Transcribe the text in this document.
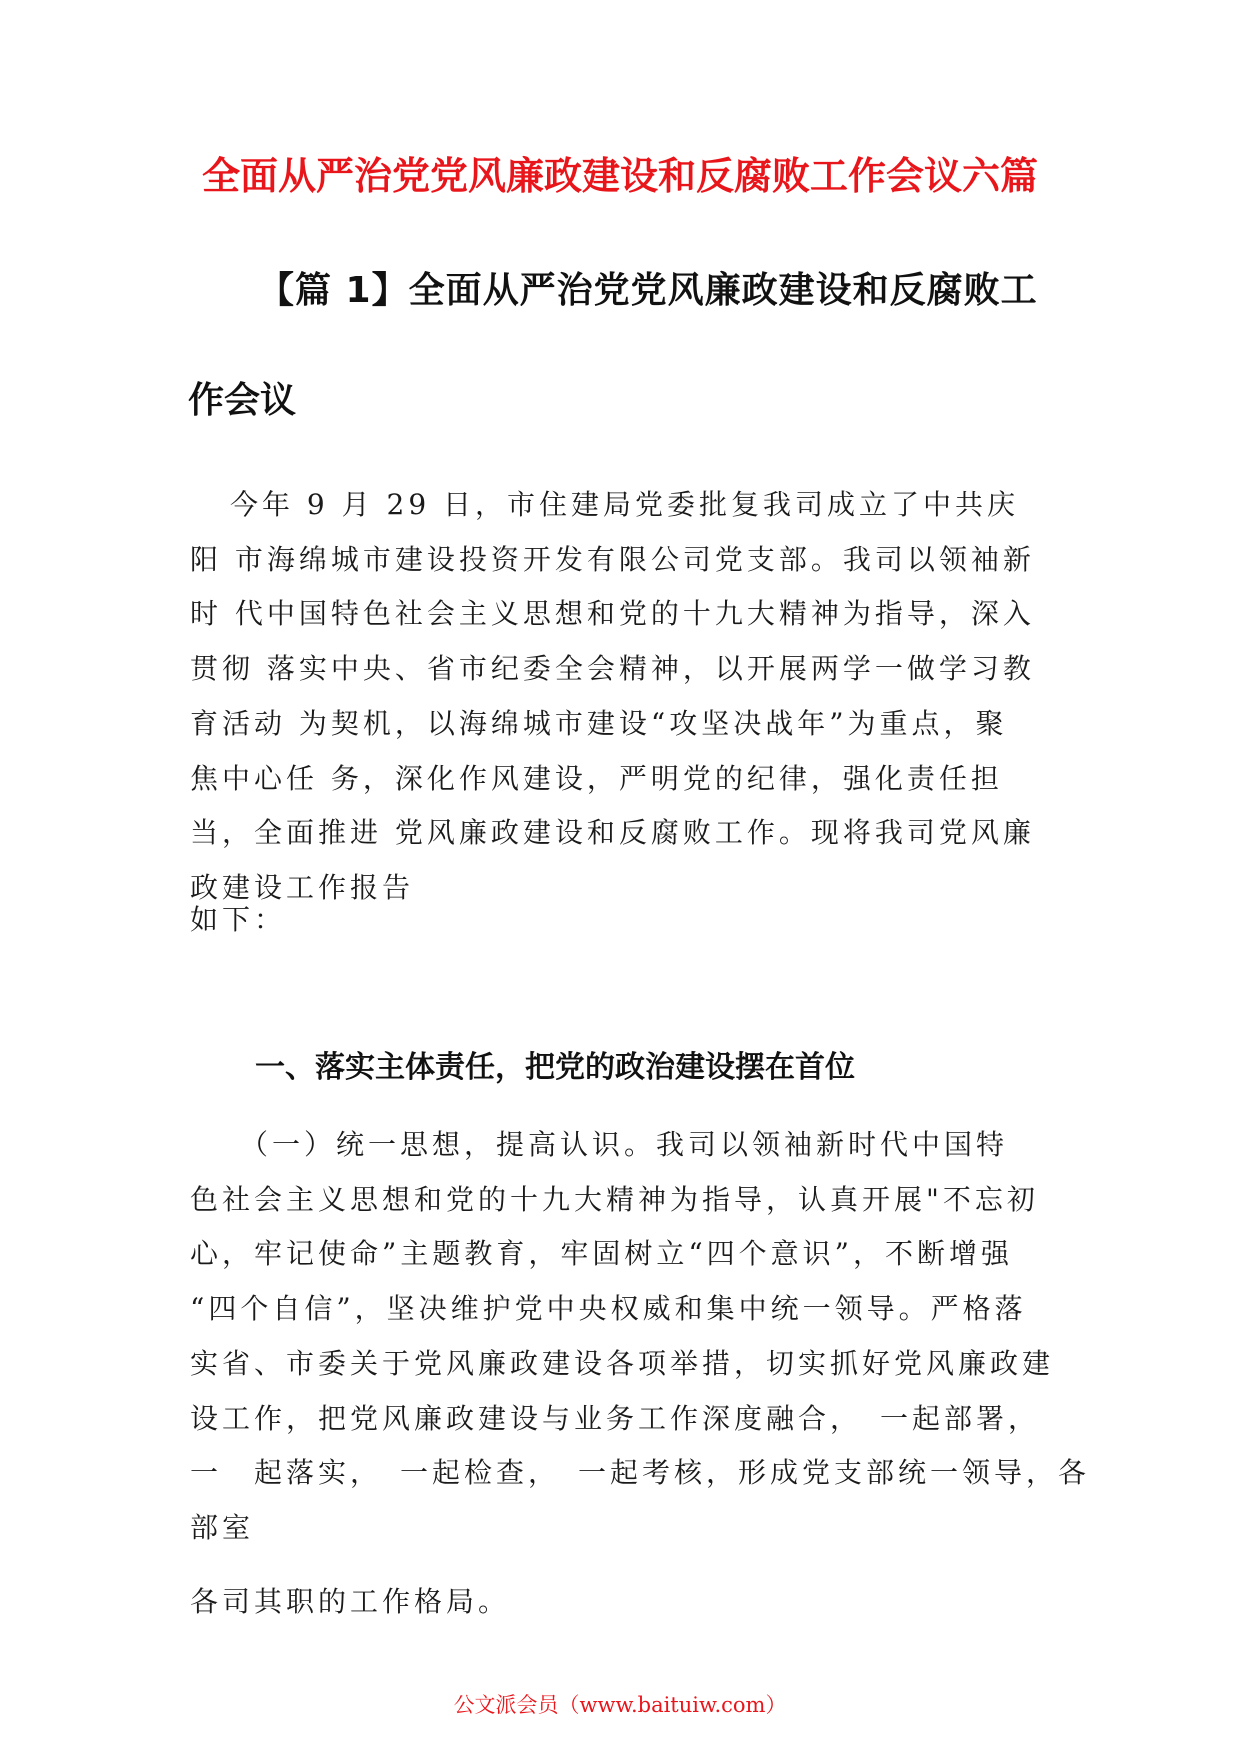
全面从严治党党风廉政建设和反腐败工作会议六篇
【篇 1】全面从严治党党风廉政建设和反腐败工
作会议
今年 9 月 29 日，市住建局党委批复我司成立了中共庆
阳 市海绵城市建设投资开发有限公司党支部。我司以领袖新
时 代中国特色社会主义思想和党的十九大精神为指导，深入
贯彻 落实中央、省市纪委全会精神，以开展两学一做学习教
育活动 为契机，以海绵城市建设“攻坚决战年”为重点，聚
焦中心任 务，深化作风建设，严明党的纪律，强化责任担
当，全面推进 党风廉政建设和反腐败工作。现将我司党风廉
政建设工作报告
如下：
一、落实主体责任，把党的政治建设摆在首位
（一）统一思想，提高认识。我司以领袖新时代中国特
色社会主义思想和党的十九大精神为指导，认真开展"不忘初
心，牢记使命”主题教育，牢固树立“四个意识”，不断增强
“四个自信”，坚决维护党中央权威和集中统一领导。严格落
实省、市委关于党风廉政建设各项举措，切实抓好党风廉政建
设工作，把党风廉政建设与业务工作深度融合，　一起部署，
一　起落实，　一起检查，　一起考核，形成党支部统一领导，各
部室
各司其职的工作格局。
公文派会员（www.baituiw.com）
